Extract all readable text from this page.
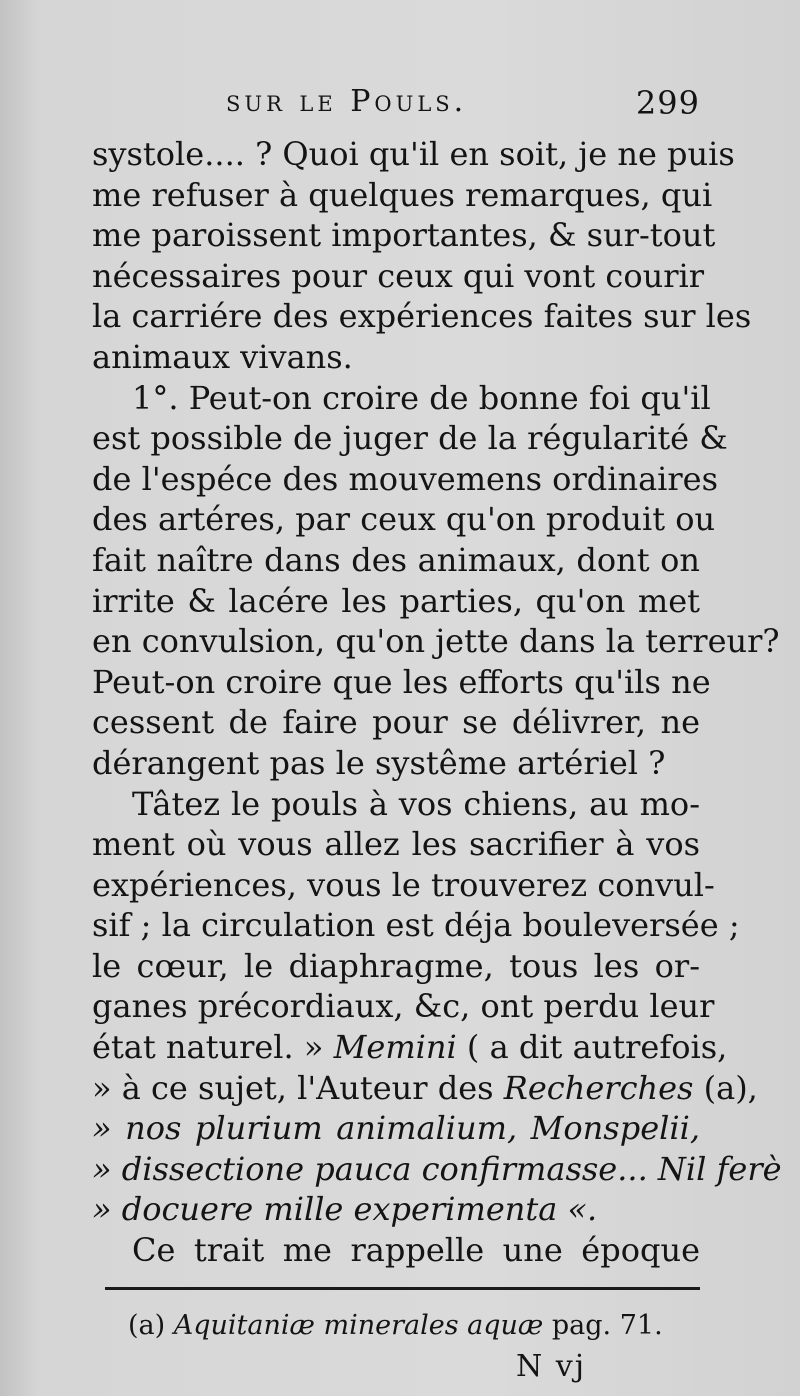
sur le Pouls.	299
systole.... ? Quoi qu'il en soit, je ne puis
me refuser à quelques remarques, qui
me paroissent importantes, & sur-tout
nécessaires pour ceux qui vont courir
la carriére des expériences faites sur les
animaux vivans.
1°. Peut-on croire de bonne foi qu'il
est possible de juger de la régularité &
de l'espéce des mouvemens ordinaires
des artéres, par ceux qu'on produit ou
fait naître dans des animaux, dont on
irrite & lacére les parties, qu'on met
en convulsion, qu'on jette dans la terreur?
Peut-on croire que les efforts qu'ils ne
cessent de faire pour se délivrer, ne
dérangent pas le systême artériel ?
Tâtez le pouls à vos chiens, au mo-
ment où vous allez les sacrifier à vos
expériences, vous le trouverez convul-
sif ; la circulation est déja bouleversée ;
le cœur, le diaphragme, tous les or-
ganes précordiaux, &c, ont perdu leur
état naturel. » Memini ( a dit autrefois,
» à ce sujet, l'Auteur des Recherches (a),
» nos plurium animalium, Monspelii,
» dissectione pauca confirmasse... Nil ferè
» docuere mille experimenta «.
Ce trait me rappelle une époque
(a) Aquitaniæ minerales aquæ pag. 71.
N vj
